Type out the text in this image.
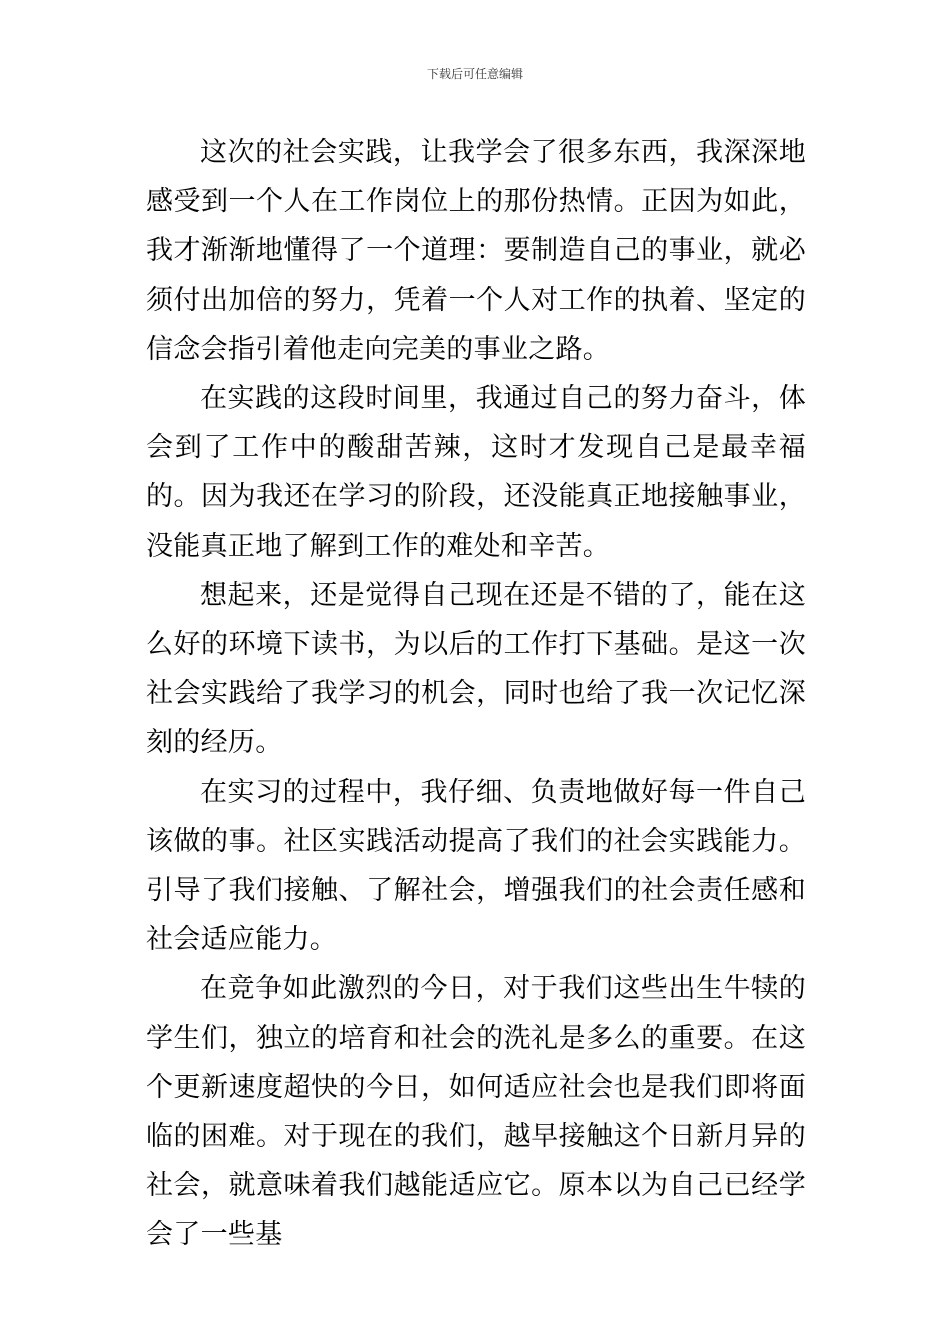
下载后可任意编辑

这次的社会实践，让我学会了很多东西，我深深地感受到一个人在工作岗位上的那份热情。正因为如此，我才渐渐地懂得了一个道理：要制造自己的事业，就必须付出加倍的努力，凭着一个人对工作的执着、坚定的信念会指引着他走向完美的事业之路。

在实践的这段时间里，我通过自己的努力奋斗，体会到了工作中的酸甜苦辣，这时才发现自己是最幸福的。因为我还在学习的阶段，还没能真正地接触事业，没能真正地了解到工作的难处和辛苦。

想起来，还是觉得自己现在还是不错的了，能在这么好的环境下读书，为以后的工作打下基础。是这一次社会实践给了我学习的机会，同时也给了我一次记忆深刻的经历。

在实习的过程中，我仔细、负责地做好每一件自己该做的事。社区实践活动提高了我们的社会实践能力。引导了我们接触、了解社会，增强我们的社会责任感和社会适应能力。

在竞争如此激烈的今日，对于我们这些出生牛犊的学生们，独立的培育和社会的洗礼是多么的重要。在这个更新速度超快的今日，如何适应社会也是我们即将面临的困难。对于现在的我们，越早接触这个日新月异的社会，就意味着我们越能适应它。原本以为自己已经学会了一些基
